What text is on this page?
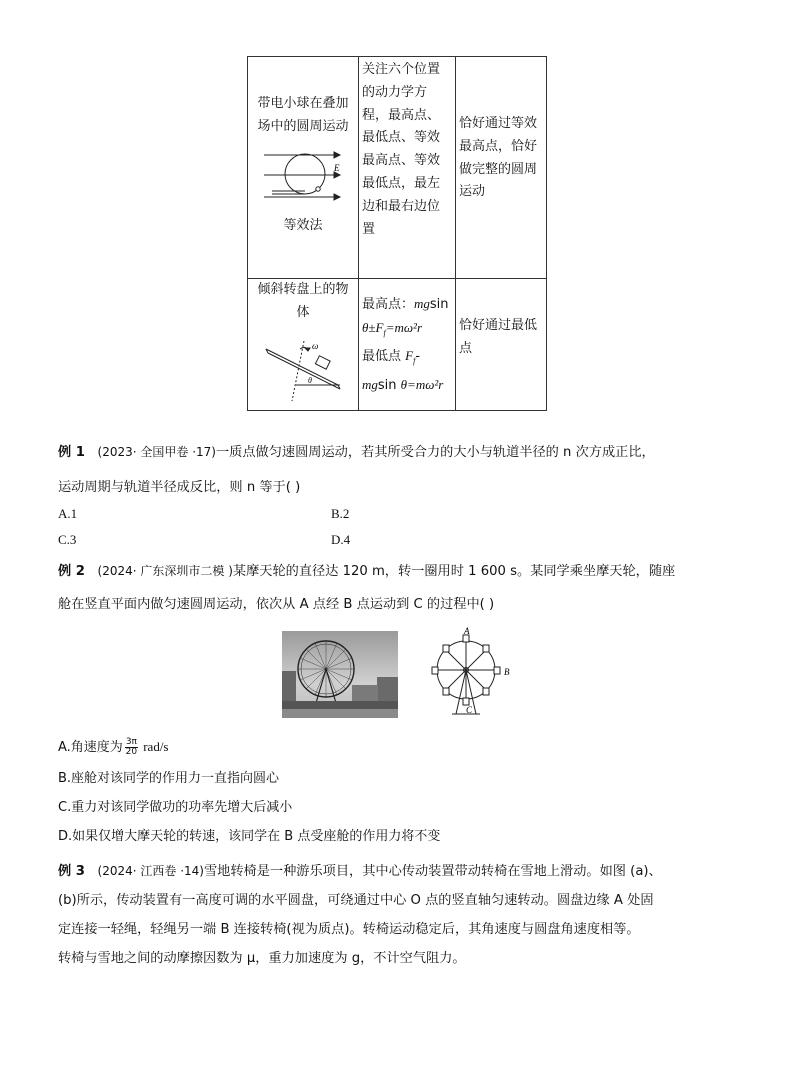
带电小球在叠加
场中的圆周运动
E
等效法
关注六个位置
的动力学方
程，最高点、
最低点、等效
最高点、等效
最低点，最左
边和最右边位
置
恰好通过等效
最高点，恰好
做完整的圆周
运动
倾斜转盘上的物
体
ω
θ
最高点：mgsin
$\theta\pm F_f=m\omega^2r$
最低点 $F_f-$
mgsin θ=mω²r
恰好通过最低
点
例 1 (2023· 全国甲卷 ·17)一质点做匀速圆周运动，若其所受合力的大小与轨道半径的 n 次方成正比，
运动周期与轨道半径成反比，则 n 等于( )
A.1	B.2
C.3	D.4
例 2 (2024· 广东深圳市二模 )某摩天轮的直径达 120 m，转一圈用时 1 600 s。某同学乘坐摩天轮，随座
舱在竖直平面内做匀速圆周运动，依次从 A 点经 B 点运动到 C 的过程中( )
A
B
C
A.角速度为 $\frac{3\pi}{20} rad/s$
B.座舱对该同学的作用力一直指向圆心
C.重力对该同学做功的功率先增大后减小
D.如果仅增大摩天轮的转速，该同学在 B 点受座舱的作用力将不变
例 3 (2024· 江西卷 ·14)雪地转椅是一种游乐项目，其中心传动装置带动转椅在雪地上滑动。如图 (a)、
(b)所示，传动装置有一高度可调的水平圆盘，可绕通过中心 O 点的竖直轴匀速转动。圆盘边缘 A 处固
定连接一轻绳，轻绳另一端 B 连接转椅(视为质点)。转椅运动稳定后，其角速度与圆盘角速度相等。
转椅与雪地之间的动摩擦因数为 μ，重力加速度为 g，不计空气阻力。
